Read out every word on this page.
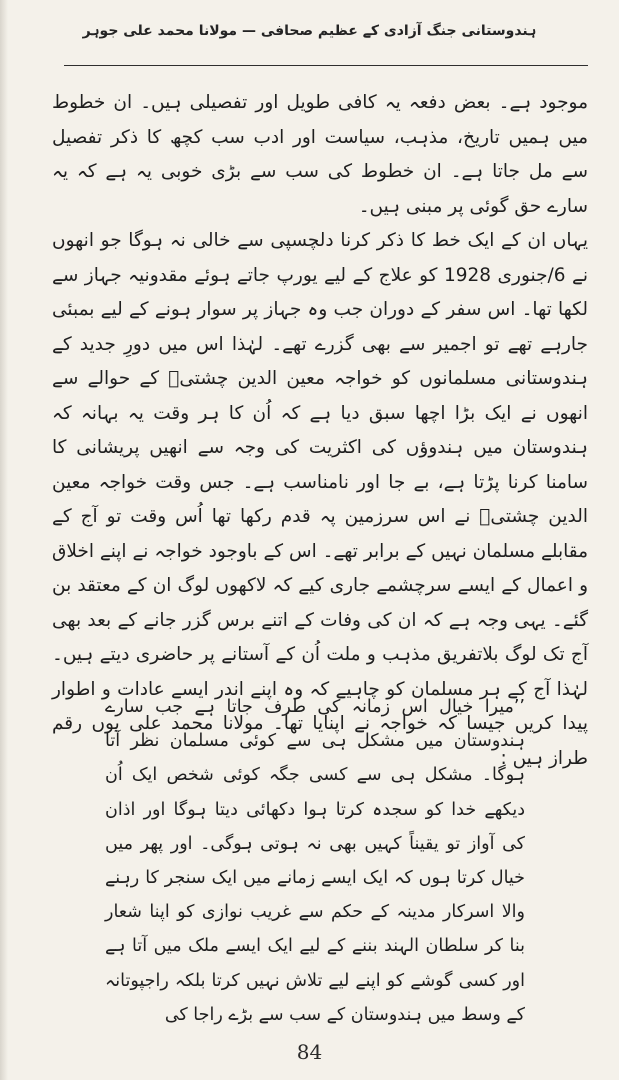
ہندوستانی جنگ آزادی کے عظیم صحافی — مولانا محمد علی جوہر

موجود ہے۔ بعض دفعہ یہ کافی طویل اور تفصیلی ہیں۔ ان خطوط میں ہمیں تاریخ، مذہب، سیاست اور ادب سب کچھ کا ذکر تفصیل سے مل جاتا ہے۔ ان خطوط کی سب سے بڑی خوبی یہ ہے کہ یہ سارے حق گوئی پر مبنی ہیں۔

یہاں ان کے ایک خط کا ذکر کرنا دلچسپی سے خالی نہ ہوگا جو انھوں نے 6/جنوری 1928 کو علاج کے لیے یورپ جاتے ہوئے مقدونیہ جہاز سے لکھا تھا۔ اس سفر کے دوران جب وہ جہاز پر سوار ہونے کے لیے بمبئی جارہے تھے تو اجمیر سے بھی گزرے تھے۔ لہٰذا اس میں دورِ جدید کے ہندوستانی مسلمانوں کو خواجہ معین الدین چشتیؒ کے حوالے سے انھوں نے ایک بڑا اچھا سبق دیا ہے کہ اُن کا ہر وقت یہ بہانہ کہ ہندوستان میں ہندوؤں کی اکثریت کی وجہ سے انھیں پریشانی کا سامنا کرنا پڑتا ہے، بے جا اور نامناسب ہے۔ جس وقت خواجہ معین الدین چشتیؒ نے اس سرزمین پہ قدم رکھا تھا اُس وقت تو آج کے مقابلے مسلمان نہیں کے برابر تھے۔ اس کے باوجود خواجہ نے اپنے اخلاق و اعمال کے ایسے سرچشمے جاری کیے کہ لاکھوں لوگ ان کے معتقد بن گئے۔ یہی وجہ ہے کہ ان کی وفات کے اتنے برس گزر جانے کے بعد بھی آج تک لوگ بلاتفریق مذہب و ملت اُن کے آستانے پر حاضری دیتے ہیں۔ لہٰذا آج کے ہر مسلمان کو چاہیے کہ وہ اپنے اندر ایسے عادات و اطوار پیدا کریں جیسا کہ خواجہ نے اپنایا تھا۔ مولانا محمد علی یوں رقم طراز ہیں :

’’میرا خیال اس زمانہ کی طرف جاتا ہے جب سارے ہندوستان میں مشکل ہی سے کوئی مسلمان نظر آتا ہوگا۔ مشکل ہی سے کسی جگہ کوئی شخص ایک اُن دیکھے خدا کو سجدہ کرتا ہوا دکھائی دیتا ہوگا اور اذان کی آواز تو یقیناً کہیں بھی نہ ہوتی ہوگی۔ اور پھر میں خیال کرتا ہوں کہ ایک ایسے زمانے میں ایک سنجر کا رہنے والا اسرکار مدینہ کے حکم سے غریب نوازی کو اپنا شعار بنا کر سلطان الہند بننے کے لیے ایک ایسے ملک میں آتا ہے اور کسی گوشے کو اپنے لیے تلاش نہیں کرتا بلکہ راجپوتانہ کے وسط میں ہندوستان کے سب سے بڑے راجا کی
84
